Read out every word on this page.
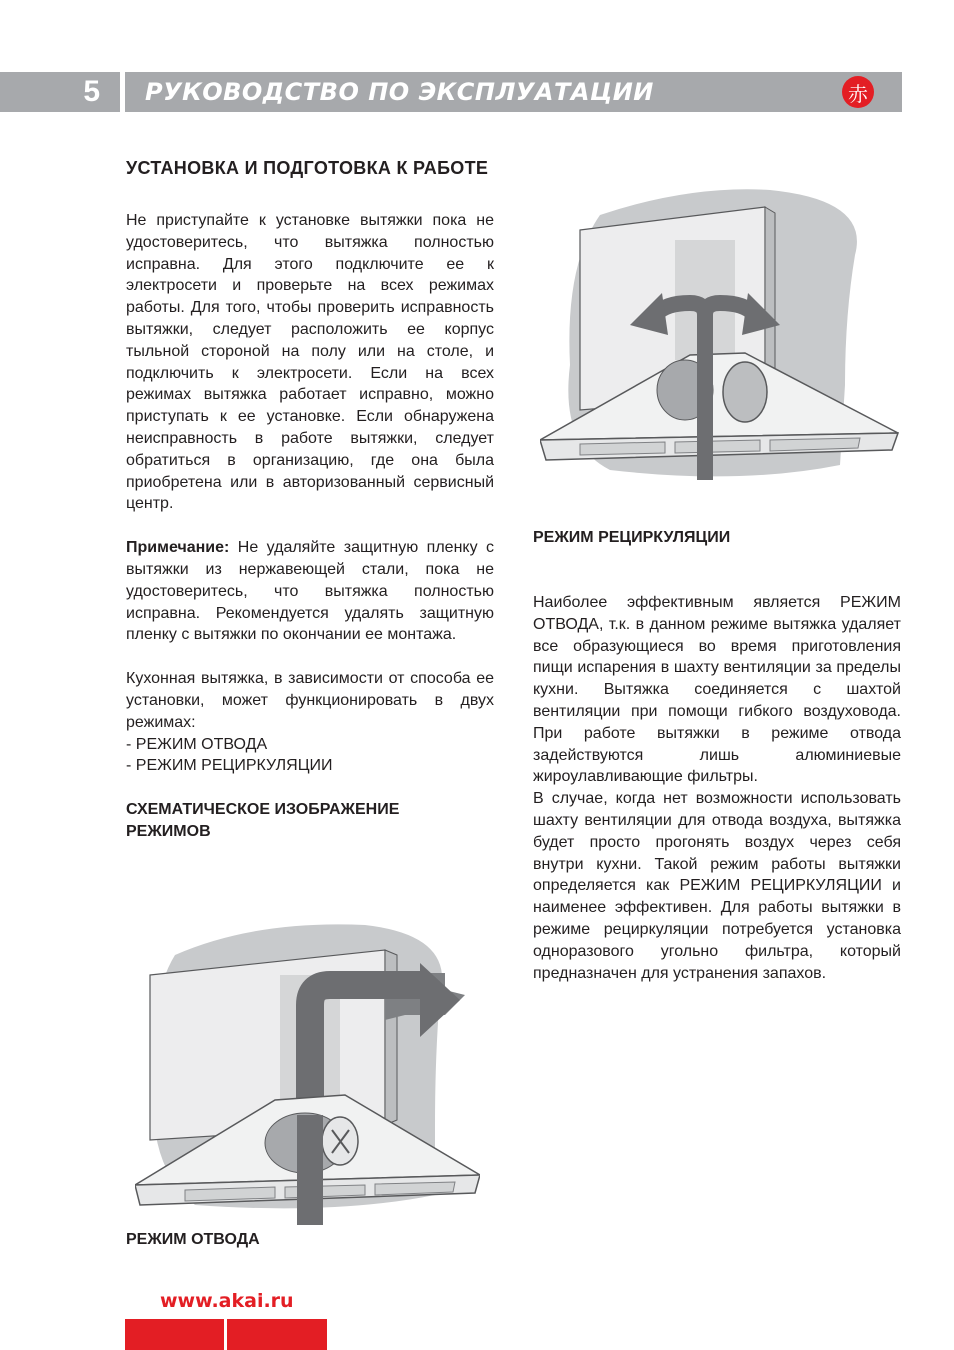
5	РУКОВОДСТВО ПО ЭКСПЛУАТАЦИИ	赤
УСТАНОВКА И ПОДГОТОВКА К РАБОТЕ

Не приступайте к установке вытяжки пока не удостоверитесь, что вытяжка полностью исправна. Для этого подключите ее к электросети и проверьте на всех режимах работы. Для того, чтобы проверить исправность вытяжки, следует расположить ее корпус тыльной стороной на полу или на столе, и подключить к электросети. Если на всех режимах вытяжка работает исправно, можно приступать к ее установке. Если обнаружена неисправность в работе вытяжки, следует обратиться в организацию, где она была приобретена или в авторизованный сервисный центр.

Примечание: Не удаляйте защитную пленку с вытяжки из нержавеющей стали, пока не удостоверитесь, что вытяжка полностью исправна. Рекомендуется удалять защитную пленку с вытяжки по окончании ее монтажа.

Кухонная вытяжка, в зависимости от способа ее установки, может функционировать в двух режимах:

- РЕЖИМ ОТВОДА
- РЕЖИМ РЕЦИРКУЛЯЦИИ
СХЕМАТИЧЕСКОЕ ИЗОБРАЖЕНИЕ РЕЖИМОВ
РЕЖИМ ОТВОДА
РЕЖИМ РЕЦИРКУЛЯЦИИ

Наиболее эффективным является РЕЖИМ ОТВОДА, т.к. в данном режиме вытяжка удаляет все образующиеся во время приготовления пищи испарения в шахту вентиляции за пределы кухни. Вытяжка соединяется с шахтой вентиляции при помощи гибкого воздуховода. При работе вытяжки в режиме отвода задействуются лишь алюминиевые жироулавливающие фильтры.

В случае, когда нет возможности использовать шахту вентиляции для отвода воздуха, вытяжка будет просто прогонять воздух через себя внутри кухни. Такой режим работы вытяжки определяется как РЕЖИМ РЕЦИРКУЛЯЦИИ и наименее эффективен. Для работы вытяжки в режиме рециркуляции потребуется установка одноразового угольно фильтра, который предназначен для устранения запахов.

www.akai.ru
